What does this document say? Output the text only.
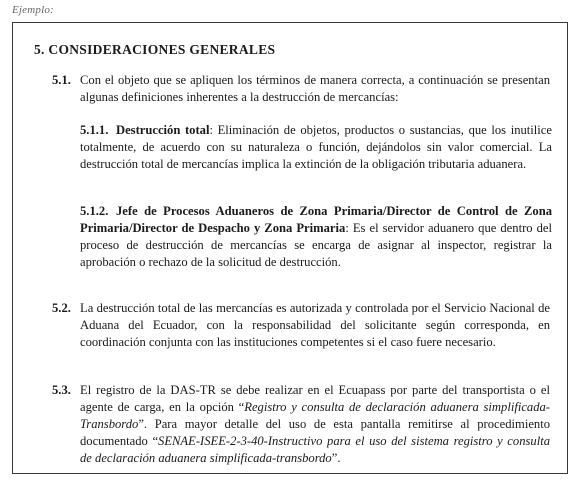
Ejemplo:
5. CONSIDERACIONES GENERALES
5.1. Con el objeto que se apliquen los términos de manera correcta, a continuación se presentan algunas definiciones inherentes a la destrucción de mercancías:
5.1.1. Destrucción total: Eliminación de objetos, productos o sustancias, que los inutilice totalmente, de acuerdo con su naturaleza o función, dejándolos sin valor comercial. La destrucción total de mercancías implica la extinción de la obligación tributaria aduanera.
5.1.2. Jefe de Procesos Aduaneros de Zona Primaria/Director de Control de Zona Primaria/Director de Despacho y Zona Primaria: Es el servidor aduanero que dentro del proceso de destrucción de mercancías se encarga de asignar al inspector, registrar la aprobación o rechazo de la solicitud de destrucción.
5.2. La destrucción total de las mercancías es autorizada y controlada por el Servicio Nacional de Aduana del Ecuador, con la responsabilidad del solicitante según corresponda, en coordinación conjunta con las instituciones competentes si el caso fuere necesario.
5.3. El registro de la DAS-TR se debe realizar en el Ecuapass por parte del transportista o el agente de carga, en la opción “Registro y consulta de declaración aduanera simplificada-Transbordo”. Para mayor detalle del uso de esta pantalla remitirse al procedimiento documentado “SENAE-ISEE-2-3-40-Instructivo para el uso del sistema registro y consulta de declaración aduanera simplificada-transbordo”.
